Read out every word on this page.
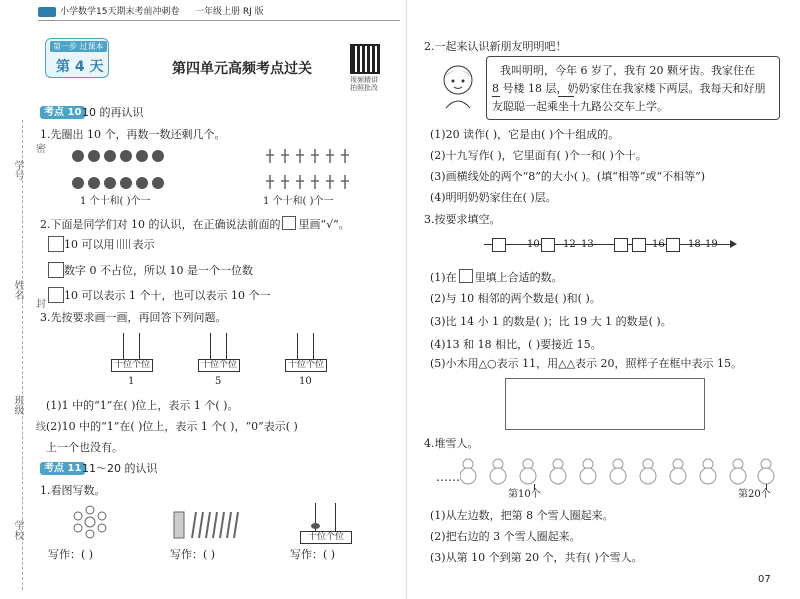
小学数学15天期末考前冲刺卷 一年级上册 RJ 版
第一步 过课本
第 4 天	第四单元高频考点过关
视频精讲
拍照批改
密
学号
姓名
封
班级
线
学校
考点 10 10 的再认识
1.先圈出 10 个，再数一数还剩几个。
1 个十和( )个一	1 个十和( )个一
2.下面是同学们对 10 的认识，在正确说法前面的 里画“√”。
10 可以用 表示
数字 0 不占位，所以 10 是一个一位数
10 可以表示 1 个十，也可以表示 10 个一
3.先按要求画一画，再回答下列问题。
十位个位
1
十位个位
5
十位个位
10
(1)1 中的“1”在( )位上，表示 1 个( )。
(2)10 中的“1”在( )位上，表示 1 个( )，“0”表示( )
上一个也没有。
考点 11 11～20 的认识
1.看图写数。
十位个位
写作：( )	写作：( )	写作：( )
2.一起来认识新朋友明明吧！
我叫明明，今年 6 岁了，我有 20 颗牙齿。我家住在
8 号楼 18 层，奶奶家住在我家楼下两层。我每天和好朋
友聪聪一起乘坐十九路公交车上学。
(1)20 读作( )，它是由( )个十组成的。
(2)十九写作( )，它里面有( )个一和( )个十。
(3)画横线处的两个“8”的大小( )。(填“相等”或“不相等”)
(4)明明奶奶家住在( )层。
3.按要求填空。
10 12 13	16 18 19
(1)在 里填上合适的数。
(2)与 10 相邻的两个数是( )和( )。
(3)比 14 小 1 的数是( )；比 19 大 1 的数是( )。
(4)13 和 18 相比，( )要接近 15。
(5)小木用△○表示 11，用△△表示 20，照样子在框中表示 15。
4.堆雪人。
……
第10个	第20个
(1)从左边数，把第 8 个雪人圈起来。
(2)把右边的 3 个雪人圈起来。
(3)从第 10 个到第 20 个，共有( )个雪人。
07
